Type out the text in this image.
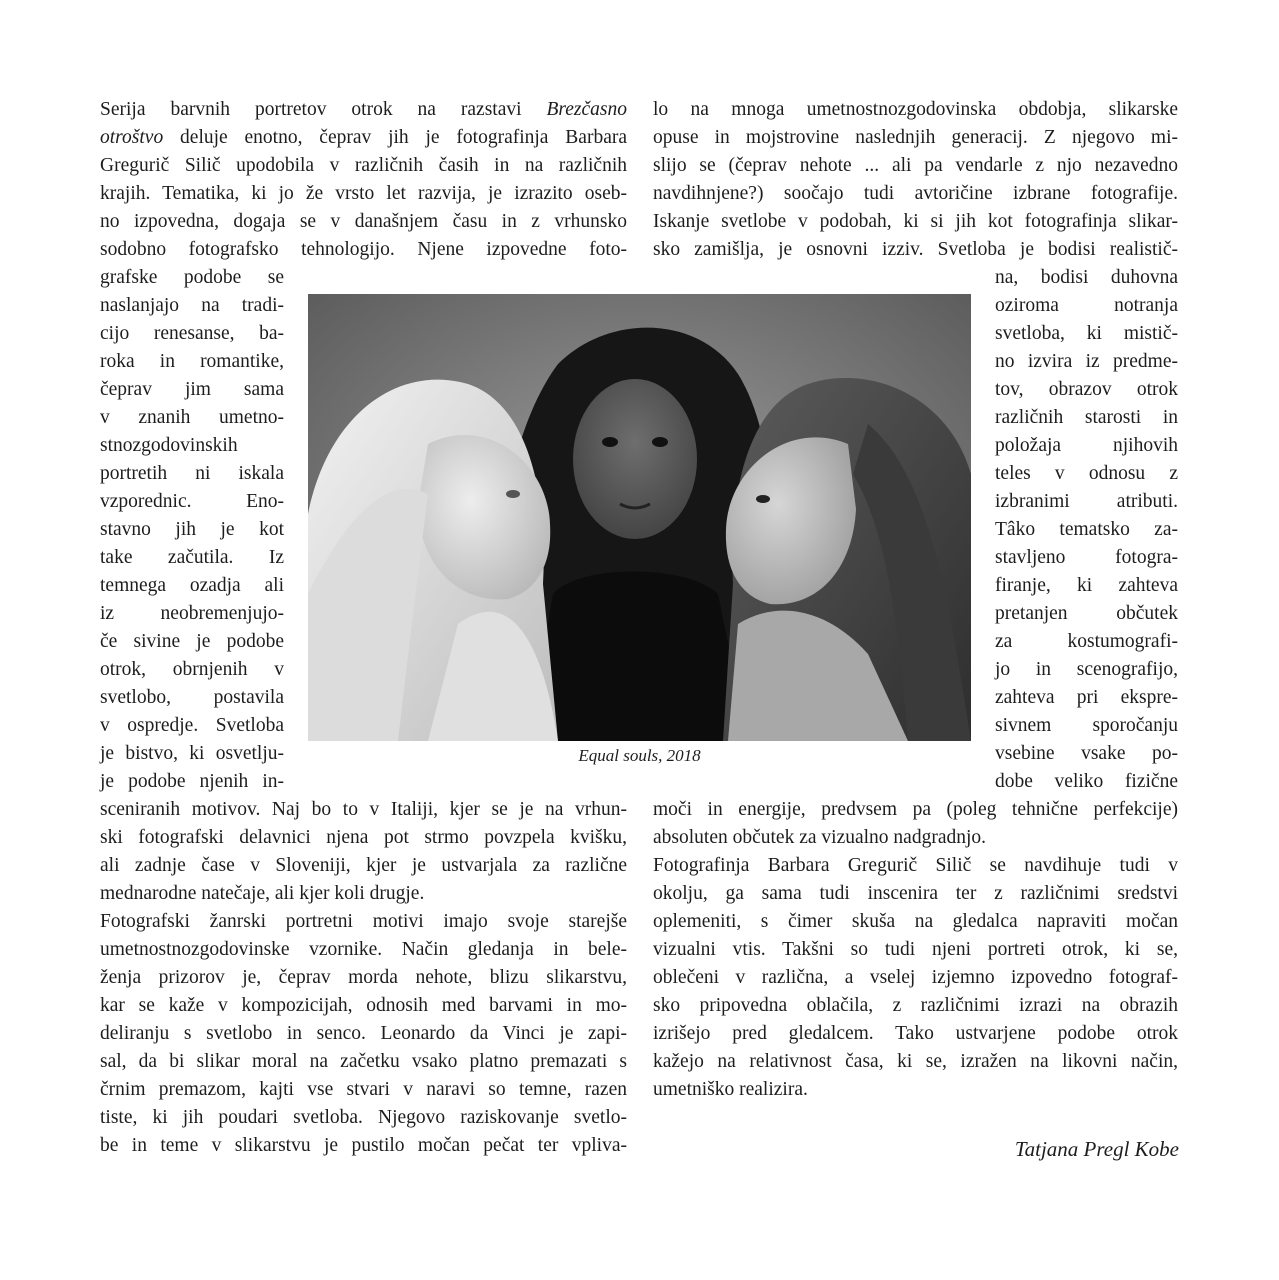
Serija barvnih portretov otrok na razstavi Brezčasno
otroštvo deluje enotno, čeprav jih je fotografinja Barbara
Gregurič Silič upodobila v različnih časih in na različnih
krajih. Tematika, ki jo že vrsto let razvija, je izrazito oseb-
no izpovedna, dogaja se v današnjem času in z vrhunsko
sodobno fotografsko tehnologijo. Njene izpovedne foto-
grafske podobe se
naslanjajo na tradi-
cijo renesanse, ba-
roka in romantike,
čeprav jim sama
v znanih umetno-
stnozgodovinskih
portretih ni iskala
vzporednic. Eno-
stavno jih je kot
take začutila. Iz
temnega ozadja ali
iz neobremenjujo-
če sivine je podobe
otrok, obrnjenih v
svetlobo, postavila
v ospredje. Svetloba
je bistvo, ki osvetlju-
je podobe njenih in-
sceniranih motivov. Naj bo to v Italiji, kjer se je na vrhun-
ski fotografski delavnici njena pot strmo povzpela kvišku,
ali zadnje čase v Sloveniji, kjer je ustvarjala za različne
mednarodne natečaje, ali kjer koli drugje.
Fotografski žanrski portretni motivi imajo svoje starejše
umetnostnozgodovinske vzornike. Način gledanja in bele-
ženja prizorov je, čeprav morda nehote, blizu slikarstvu,
kar se kaže v kompozicijah, odnosih med barvami in mo-
deliranju s svetlobo in senco. Leonardo da Vinci je zapi-
sal, da bi slikar moral na začetku vsako platno premazati s
črnim premazom, kajti vse stvari v naravi so temne, razen
tiste, ki jih poudari svetloba. Njegovo raziskovanje svetlo-
be in teme v slikarstvu je pustilo močan pečat ter vpliva-
lo na mnoga umetnostnozgodovinska obdobja, slikarske
opuse in mojstrovine naslednjih generacij. Z njegovo mi-
slijo se (čeprav nehote ... ali pa vendarle z njo nezavedno
navdihnjene?) soočajo tudi avtoričine izbrane fotografije.
Iskanje svetlobe v podobah, ki si jih kot fotografinja slikar-
sko zamišlja, je osnovni izziv. Svetloba je bodisi realistič-
na, bodisi duhovna
oziroma notranja
svetloba, ki mistič-
no izvira iz predme-
tov, obrazov otrok
različnih starosti in
položaja njihovih
teles v odnosu z
izbranimi atributi.
Tâko tematsko za-
stavljeno fotogra-
firanje, ki zahteva
pretanjen občutek
za kostumografi-
jo in scenografijo,
zahteva pri ekspre-
sivnem sporočanju
vsebine vsake po-
dobe veliko fizične
moči in energije, predvsem pa (poleg tehnične perfekcije)
absoluten občutek za vizualno nadgradnjo.
Fotografinja Barbara Gregurič Silič se navdihuje tudi v
okolju, ga sama tudi inscenira ter z različnimi sredstvi
oplemeniti, s čimer skuša na gledalca napraviti močan
vizualni vtis. Takšni so tudi njeni portreti otrok, ki se,
oblečeni v različna, a vselej izjemno izpovedno fotograf-
sko pripovedna oblačila, z različnimi izrazi na obrazih
izrišejo pred gledalcem. Tako ustvarjene podobe otrok
kažejo na relativnost časa, ki se, izražen na likovni način,
umetniško realizira.
Equal souls, 2018
Tatjana Pregl Kobe
